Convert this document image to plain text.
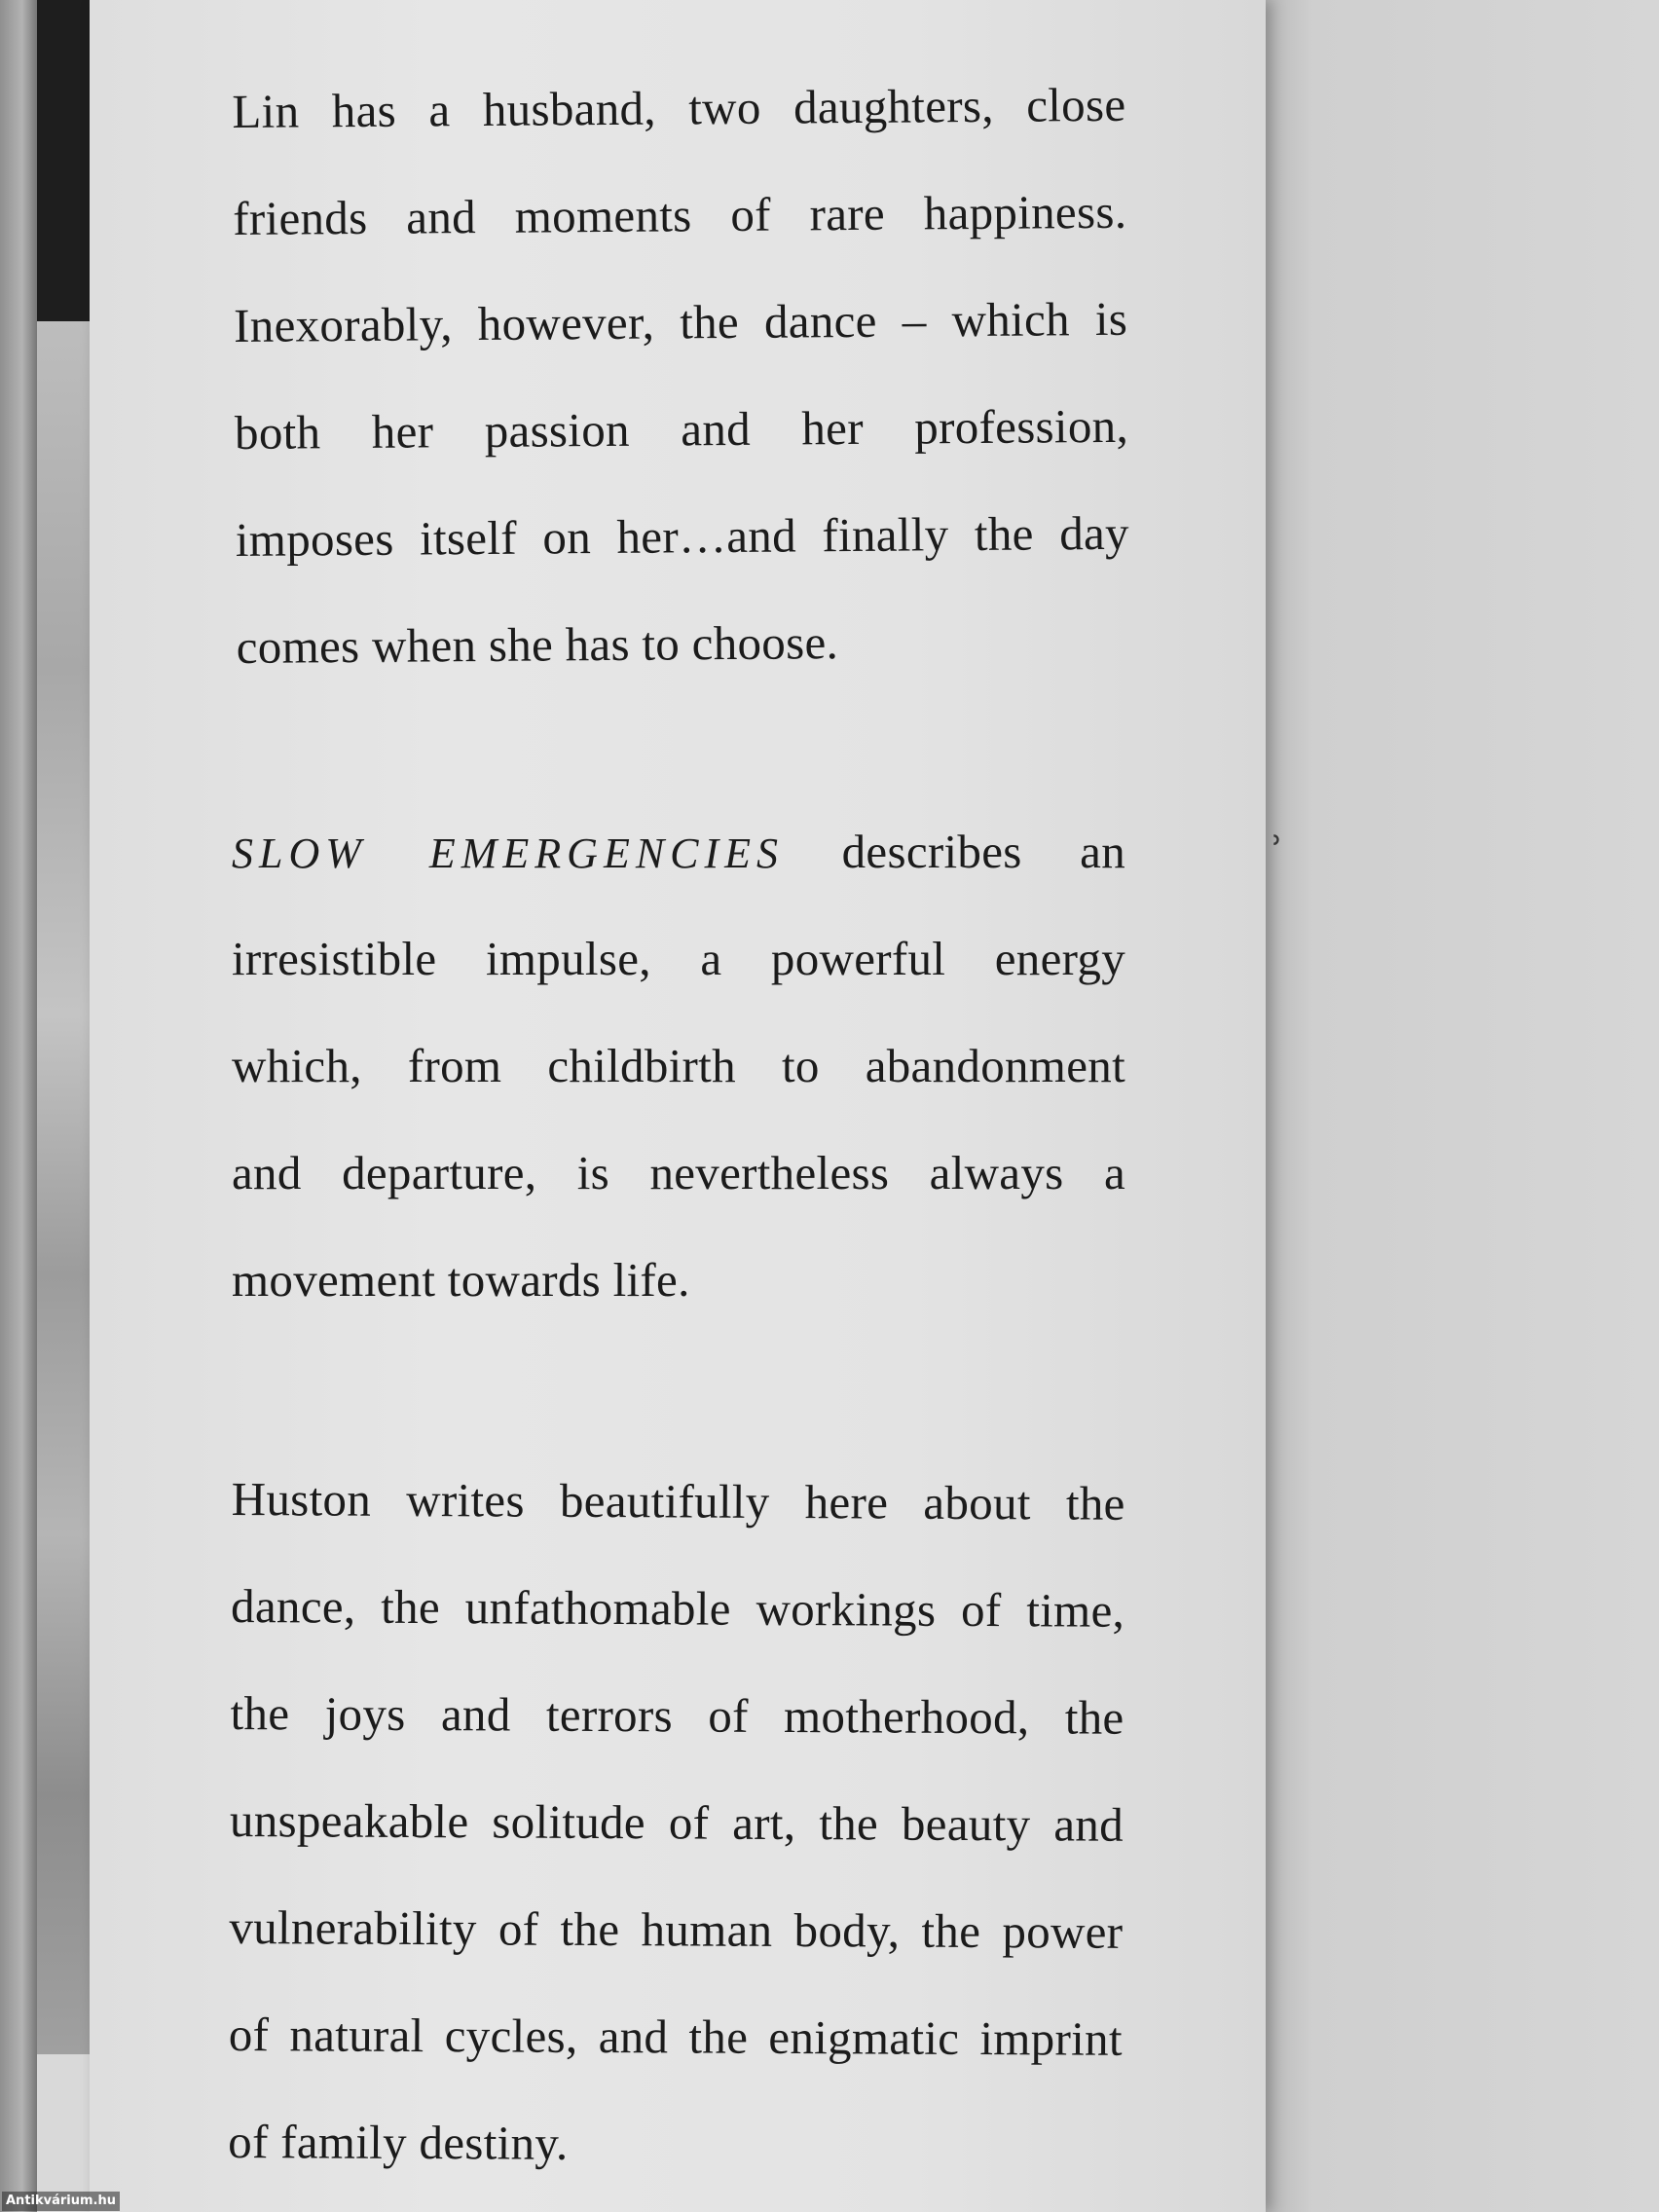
ʾ
Lin has a husband, two daughters, close
friends and moments of rare happiness.
Inexorably, however, the dance – which is
both her passion and her profession,
imposes itself on her…and finally the day
comes when she has to choose.
SLOW EMERGENCIES describes an
irresistible impulse, a powerful energy
which, from childbirth to abandonment
and departure, is nevertheless always a
movement towards life.
Huston writes beautifully here about the
dance, the unfathomable workings of time,
the joys and terrors of motherhood, the
unspeakable solitude of art, the beauty and
vulnerability of the human body, the power
of natural cycles, and the enigmatic imprint
of family destiny.
Antikvárium.hu
